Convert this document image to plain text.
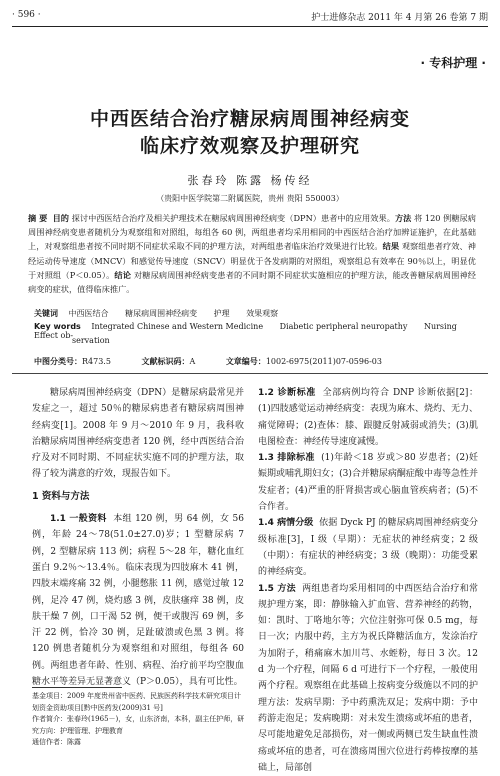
· 596 ·	护士进修杂志 2011 年 4 月第 26 卷第 7 期
· 专科护理 ·
中西医结合治疗糖尿病周围神经病变
临床疗效观察及护理研究
张春玲 陈露 杨传经
（贵阳中医学院第二附属医院，贵州 贵阳 550003）
摘 要 目的 探讨中西医结合治疗及相关护理技术在糖尿病周围神经病变（DPN）患者中的应用效果。方法 将 120 例糖尿病周围神经病变患者随机分为观察组和对照组，每组各 60 例，两组患者均采用相同的中西医结合治疗加辨证施护，在此基础上，对观察组患者按不同时期不同症状采取不同的护理方法，对两组患者临床治疗效果进行比较。结果 观察组患者疗效、神经运动传导速度（MNCV）和感觉传导速度（SNCV）明显优于各发病期的对照组，观察组总有效率在 90％以上，明显优于对照组（P＜0.05）。结论 对糖尿病周围神经病变患者的不同时期不同症状实施相应的护理方法，能改善糖尿病周围神经病变的症状，值得临床推广。
关键词 中西医结合 糖尿病周围神经病变 护理 效果观察
Key words Integrated Chinese and Western Medicine Diabetic peripheral neuropathy Nursing Effect ob-
servation
中图分类号：R473.5	文献标识码：A	文章编号：1002-6975(2011)07-0596-03

糖尿病周围神经病变（DPN）是糖尿病最常见并发症之一，超过 50％的糖尿病患者有糖尿病周围神经病变[1]。2008 年 9 月～2010 年 9 月，我科收治糖尿病周围神经病变患者 120 例，经中西医结合治疗及对不同时期、不同症状实施不同的护理方法，取得了较为满意的疗效，现报告如下。

1 资料与方法

1.1 一般资料 本组 120 例，男 64 例，女 56 例，年龄 24～78(51.0±27.0)岁；1 型糖尿病 7 例，2 型糖尿病 113 例；病程 5～28 年，糖化血红蛋白 9.2％～13.4％。临床表现为四肢麻木 41 例，四肢末端疼痛 32 例，小腿憋胀 11 例，感觉过敏 12 例，足冷 47 例，烧灼感 3 例，皮肤瘙痒 38 例，皮肤干燥 7 例，口干渴 52 例，便干或腹泻 69 例，多汗 22 例，恰冷 30 例，足趾破溃或色黑 3 例。将 120 例患者随机分为观察组和对照组，每组各 60 例。两组患者年龄、性别、病程、治疗前平均空腹血糖水平等差异无显著意义（P＞0.05），具有可比性。

1.2 诊断标准 全部病例均符合 DNP 诊断依据[2]：(1)四肢感觉运动神经病变：表现为麻木、烧灼、无力、痛觉障碍；(2)查体：膝、跟腱反射减弱或消失；(3)肌电图检查：神经传导速度减慢。

1.3 排除标准 (1)年龄＜18 岁或＞80 岁患者；(2)妊娠期或哺乳期妇女；(3)合并糖尿病酮症酸中毒等急性并发症者；(4)严重的肝肾损害或心脑血管疾病者；(5)不合作者。

1.4 病情分级 依据 Dyck PJ 的糖尿病周围神经病变分级标准[3]，I 级（早期）：无症状的神经病变；2 级（中期）：有症状的神经病变；3 级（晚期）：功能受累的神经病变。

1.5 方法 两组患者均采用相同的中西医结合治疗和常规护理方案，即：静脉输入扩血管、营养神经的药物，如：凯时、丁咯地尔等；穴位注射弥可保 0.5 mg，每日一次；内服中药，主方为祝氏降糖活血方，发涂治疗为加附子，稍痛麻木加川芎、水蛭粉，每日 3 次。12 d 为一个疗程，间隔 6 d 可进行下一个疗程，一般使用两个疗程。观察组在此基础上按病变分级施以不同的护理方法：发病早期：予中药熏洗双足；发病中期：予中药游走泡足；发病晚期：对未发生溃疡或坏疽的患者，尽可能地避免足部损伤，对一侧或两侧已发生缺血性溃疡或坏疽的患者，可在溃疡周围穴位进行药棒按摩的基础上，局部创

基金项目：2009 年度贵州省中医药、民族医药科学技术研究项目计划资金资助项目[黔中医药发(2009)31 号]
作者简介：张春玲(1965－)，女，山东济南，本科，副主任护师，研究方向：护理管理、护理教育
通信作者：陈露
